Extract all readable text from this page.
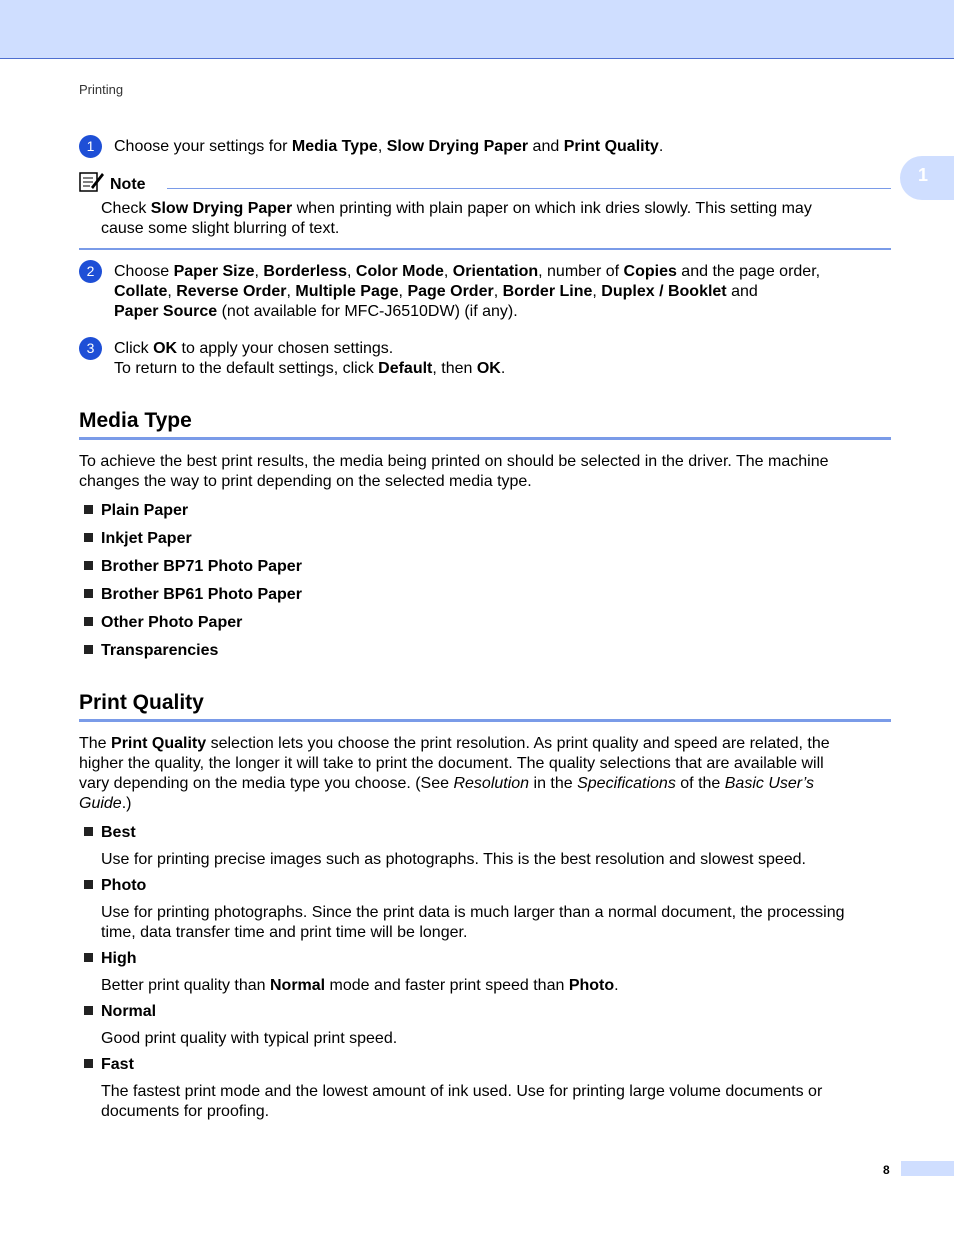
Printing
1
1	Choose your settings for Media Type, Slow Drying Paper and Print Quality.
Note
Check Slow Drying Paper when printing with plain paper on which ink dries slowly. This setting may
cause some slight blurring of text.
2	Choose Paper Size, Borderless, Color Mode, Orientation, number of Copies and the page order,
Collate, Reverse Order, Multiple Page, Page Order, Border Line, Duplex / Booklet and
Paper Source (not available for MFC-J6510DW) (if any).
3	Click OK to apply your chosen settings.
To return to the default settings, click Default, then OK.
Media Type
To achieve the best print results, the media being printed on should be selected in the driver. The machine
changes the way to print depending on the selected media type.
Plain Paper
Inkjet Paper
Brother BP71 Photo Paper
Brother BP61 Photo Paper
Other Photo Paper
Transparencies
Print Quality
The Print Quality selection lets you choose the print resolution. As print quality and speed are related, the
higher the quality, the longer it will take to print the document. The quality selections that are available will
vary depending on the media type you choose. (See Resolution in the Specifications of the Basic User’s
Guide.)
Best
Use for printing precise images such as photographs. This is the best resolution and slowest speed.
Photo
Use for printing photographs. Since the print data is much larger than a normal document, the processing
time, data transfer time and print time will be longer.
High
Better print quality than Normal mode and faster print speed than Photo.
Normal
Good print quality with typical print speed.
Fast
The fastest print mode and the lowest amount of ink used. Use for printing large volume documents or
documents for proofing.
8
